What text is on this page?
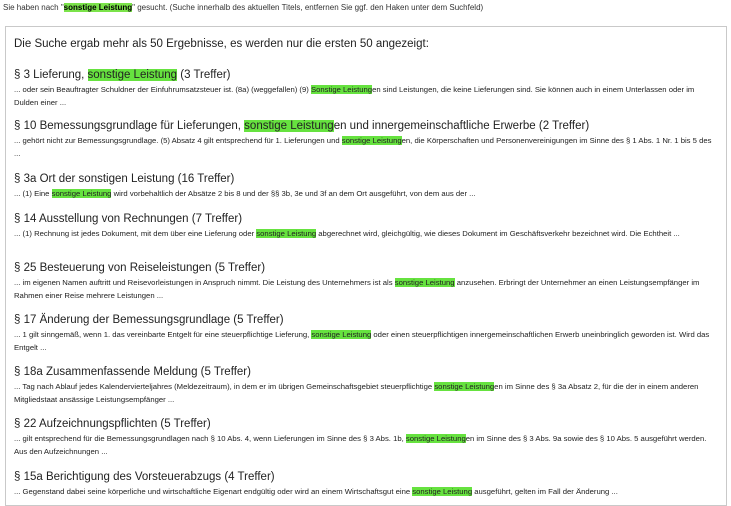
Sie haben nach "sonstige Leistung" gesucht. (Suche innerhalb des aktuellen Titels, entfernen Sie ggf. den Haken unter dem Suchfeld)
Die Suche ergab mehr als 50 Ergebnisse, es werden nur die ersten 50 angezeigt:
§ 3 Lieferung, sonstige Leistung (3 Treffer)
... oder sein Beauftragter Schuldner der Einfuhrumsatzsteuer ist. (8a) (weggefallen) (9) Sonstige Leistungen sind Leistungen, die keine Lieferungen sind. Sie können auch in einem Unterlassen oder im Dulden einer ...
§ 10 Bemessungsgrundlage für Lieferungen, sonstige Leistungen und innergemeinschaftliche Erwerbe (2 Treffer)
... gehört nicht zur Bemessungsgrundlage. (5) Absatz 4 gilt entsprechend für 1. Lieferungen und sonstige Leistungen, die Körperschaften und Personenvereinigungen im Sinne des § 1 Abs. 1 Nr. 1 bis 5 des ...
§ 3a Ort der sonstigen Leistung (16 Treffer)
... (1) Eine sonstige Leistung wird vorbehaltlich der Absätze 2 bis 8 und der §§ 3b, 3e und 3f an dem Ort ausgeführt, von dem aus der ...
§ 14 Ausstellung von Rechnungen (7 Treffer)
... (1) Rechnung ist jedes Dokument, mit dem über eine Lieferung oder sonstige Leistung abgerechnet wird, gleichgültig, wie dieses Dokument im Geschäftsverkehr bezeichnet wird. Die Echtheit ...
§ 25 Besteuerung von Reiseleistungen (5 Treffer)
... im eigenen Namen auftritt und Reisevorleistungen in Anspruch nimmt. Die Leistung des Unternehmers ist als sonstige Leistung anzusehen. Erbringt der Unternehmer an einen Leistungsempfänger im Rahmen einer Reise mehrere Leistungen ...
§ 17 Änderung der Bemessungsgrundlage (5 Treffer)
... 1 gilt sinngemäß, wenn 1. das vereinbarte Entgelt für eine steuerpflichtige Lieferung, sonstige Leistung oder einen steuerpflichtigen innergemeinschaftlichen Erwerb uneinbringlich geworden ist. Wird das Entgelt ...
§ 18a Zusammenfassende Meldung (5 Treffer)
... Tag nach Ablauf jedes Kalendervierteljahres (Meldezeitraum), in dem er im übrigen Gemeinschaftsgebiet steuerpflichtige sonstige Leistungen im Sinne des § 3a Absatz 2, für die der in einem anderen Mitgliedstaat ansässige Leistungsempfänger ...
§ 22 Aufzeichnungspflichten (5 Treffer)
... gilt entsprechend für die Bemessungsgrundlagen nach § 10 Abs. 4, wenn Lieferungen im Sinne des § 3 Abs. 1b, sonstige Leistungen im Sinne des § 3 Abs. 9a sowie des § 10 Abs. 5 ausgeführt werden. Aus den Aufzeichnungen ...
§ 15a Berichtigung des Vorsteuerabzugs (4 Treffer)
... Gegenstand dabei seine körperliche und wirtschaftliche Eigenart endgültig oder wird an einem Wirtschaftsgut eine sonstige Leistung ausgeführt, gelten im Fall der Änderung ...
